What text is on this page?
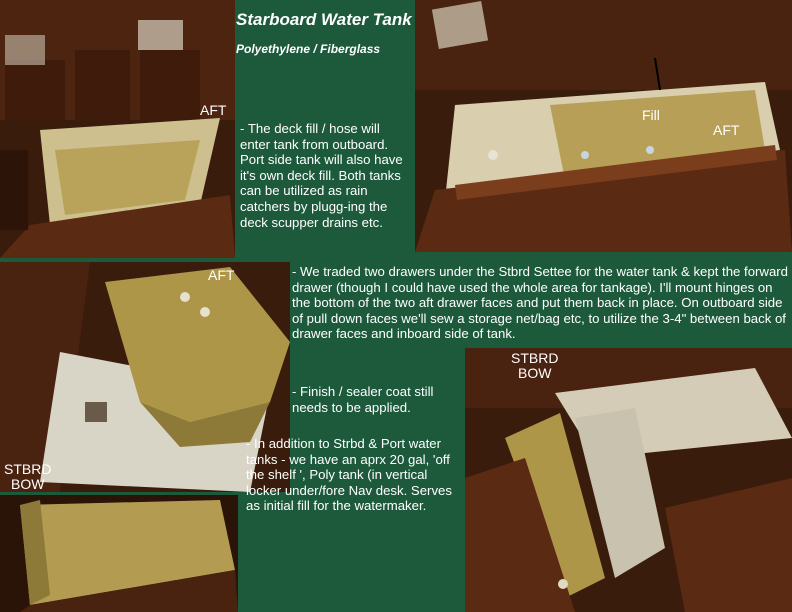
AFT
Starboard Water Tank
Polyethylene / Fiberglass
Fill
AFT

- The deck fill / hose will enter tank from outboard. Port side tank will also have it's own deck fill. Both tanks can be utilized as rain catchers by plugg-ing the deck scupper drains etc.

AFT
STBRD
BOW

- We traded two drawers under the Stbrd Settee for the water tank & kept the forward drawer (though I could have used the whole area for tankage). I'll mount hinges on the bottom of the two aft drawer faces and put them back in place. On outboard side of pull down faces we'll sew a storage net/bag etc, to utilize the 3-4" between back of drawer faces and inboard side of tank.

- Finish / sealer coat still needs to be applied.

STBRD
BOW

- In addition to Strbd & Port water tanks - we have an aprx 20 gal, 'off the shelf ', Poly tank (in vertical locker under/fore Nav desk. Serves as initial fill for the watermaker.
